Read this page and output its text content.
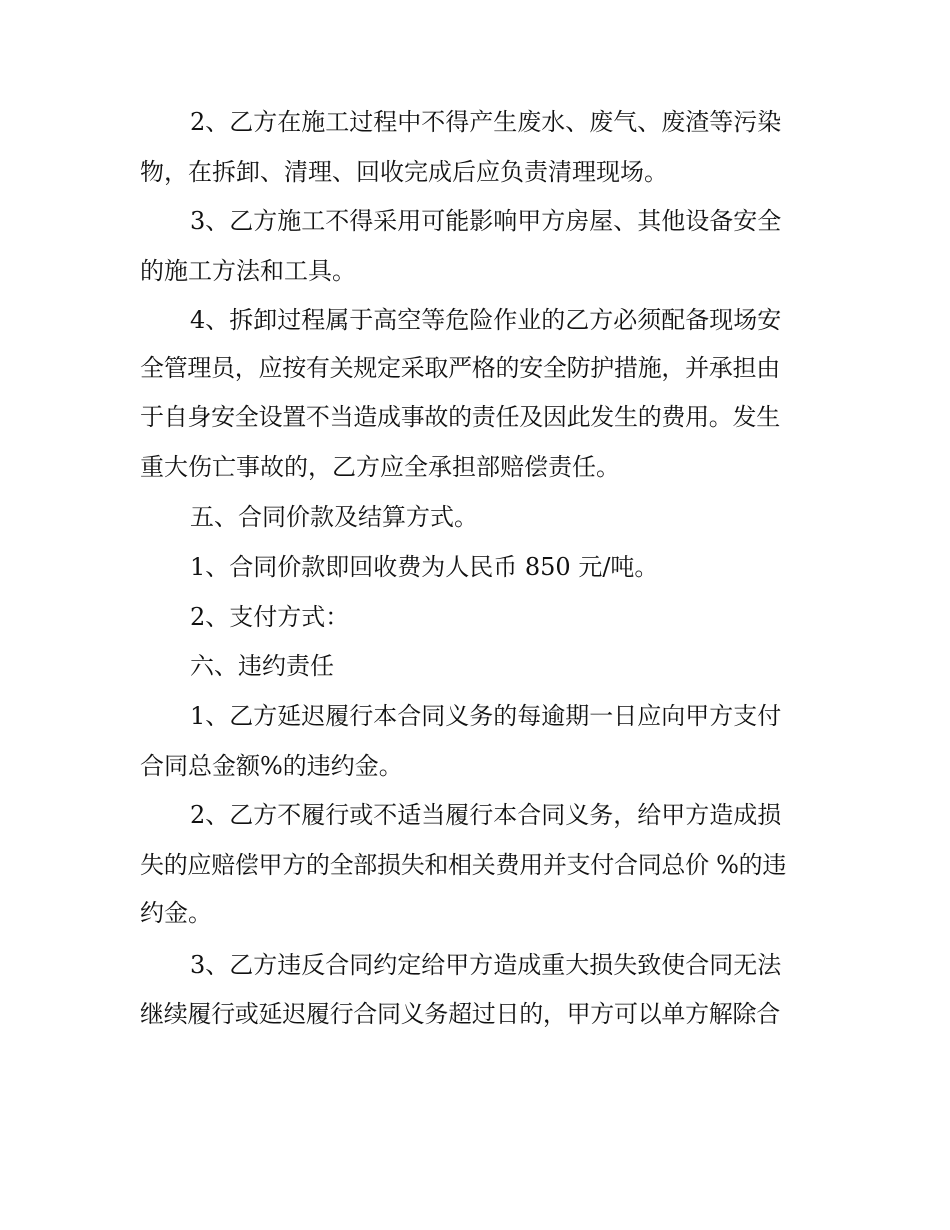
2、乙方在施工过程中不得产生废水、废气、废渣等污染
物，在拆卸、清理、回收完成后应负责清理现场。
3、乙方施工不得采用可能影响甲方房屋、其他设备安全
的施工方法和工具。
4、拆卸过程属于高空等危险作业的乙方必须配备现场安
全管理员，应按有关规定采取严格的安全防护措施，并承担由
于自身安全设置不当造成事故的责任及因此发生的费用。发生
重大伤亡事故的，乙方应全承担部赔偿责任。
五、合同价款及结算方式。
1、合同价款即回收费为人民币 850 元/吨。
2、支付方式：
六、违约责任
1、乙方延迟履行本合同义务的每逾期一日应向甲方支付
合同总金额%的违约金。
2、乙方不履行或不适当履行本合同义务，给甲方造成损
失的应赔偿甲方的全部损失和相关费用并支付合同总价 %的违
约金。
3、乙方违反合同约定给甲方造成重大损失致使合同无法
继续履行或延迟履行合同义务超过日的，甲方可以单方解除合
